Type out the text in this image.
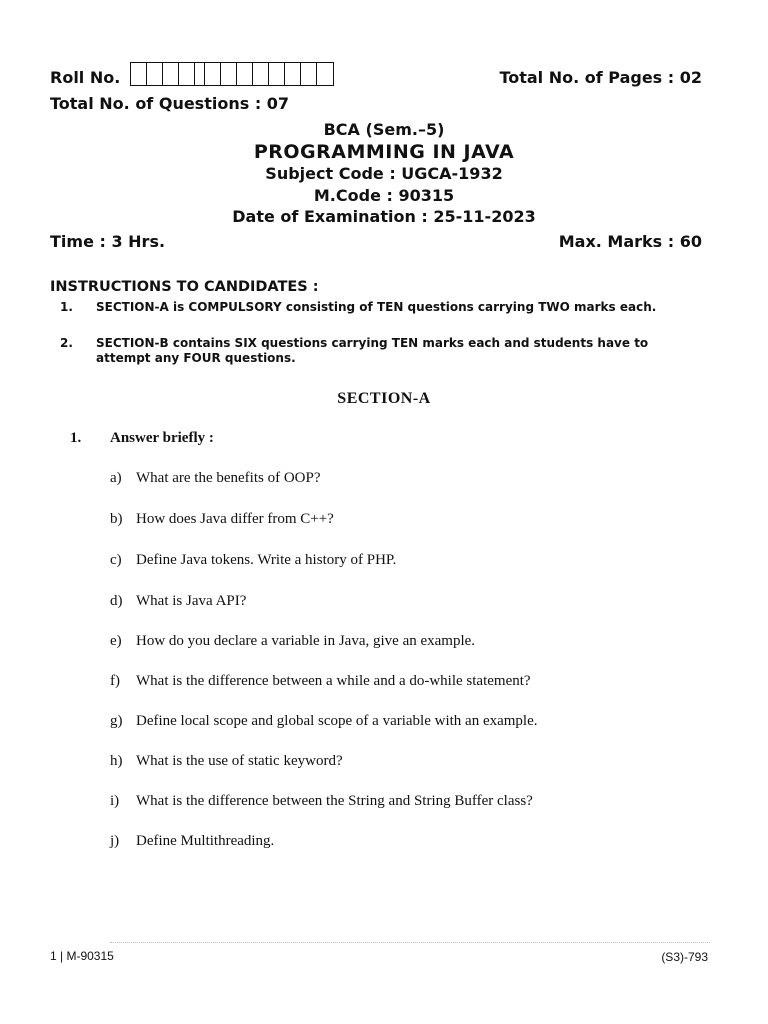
Roll No.	Total No. of Pages : 02
Total No. of Questions : 07
BCA (Sem.–5)
PROGRAMMING IN JAVA
Subject Code : UGCA-1932
M.Code : 90315
Date of Examination : 25-11-2023
Time : 3 Hrs.	Max. Marks : 60
INSTRUCTIONS TO CANDIDATES :
1. SECTION-A is COMPULSORY consisting of TEN questions carrying TWO marks each.
2. SECTION-B contains SIX questions carrying TEN marks each and students have to attempt any FOUR questions.
SECTION-A
1. Answer briefly :
a) What are the benefits of OOP?
b) How does Java differ from C++?
c) Define Java tokens. Write a history of PHP.
d) What is Java API?
e) How do you declare a variable in Java, give an example.
f) What is the difference between a while and a do-while statement?
g) Define local scope and global scope of a variable with an example.
h) What is the use of static keyword?
i) What is the difference between the String and String Buffer class?
j) Define Multithreading.
1 | M-90315	(S3)-793
